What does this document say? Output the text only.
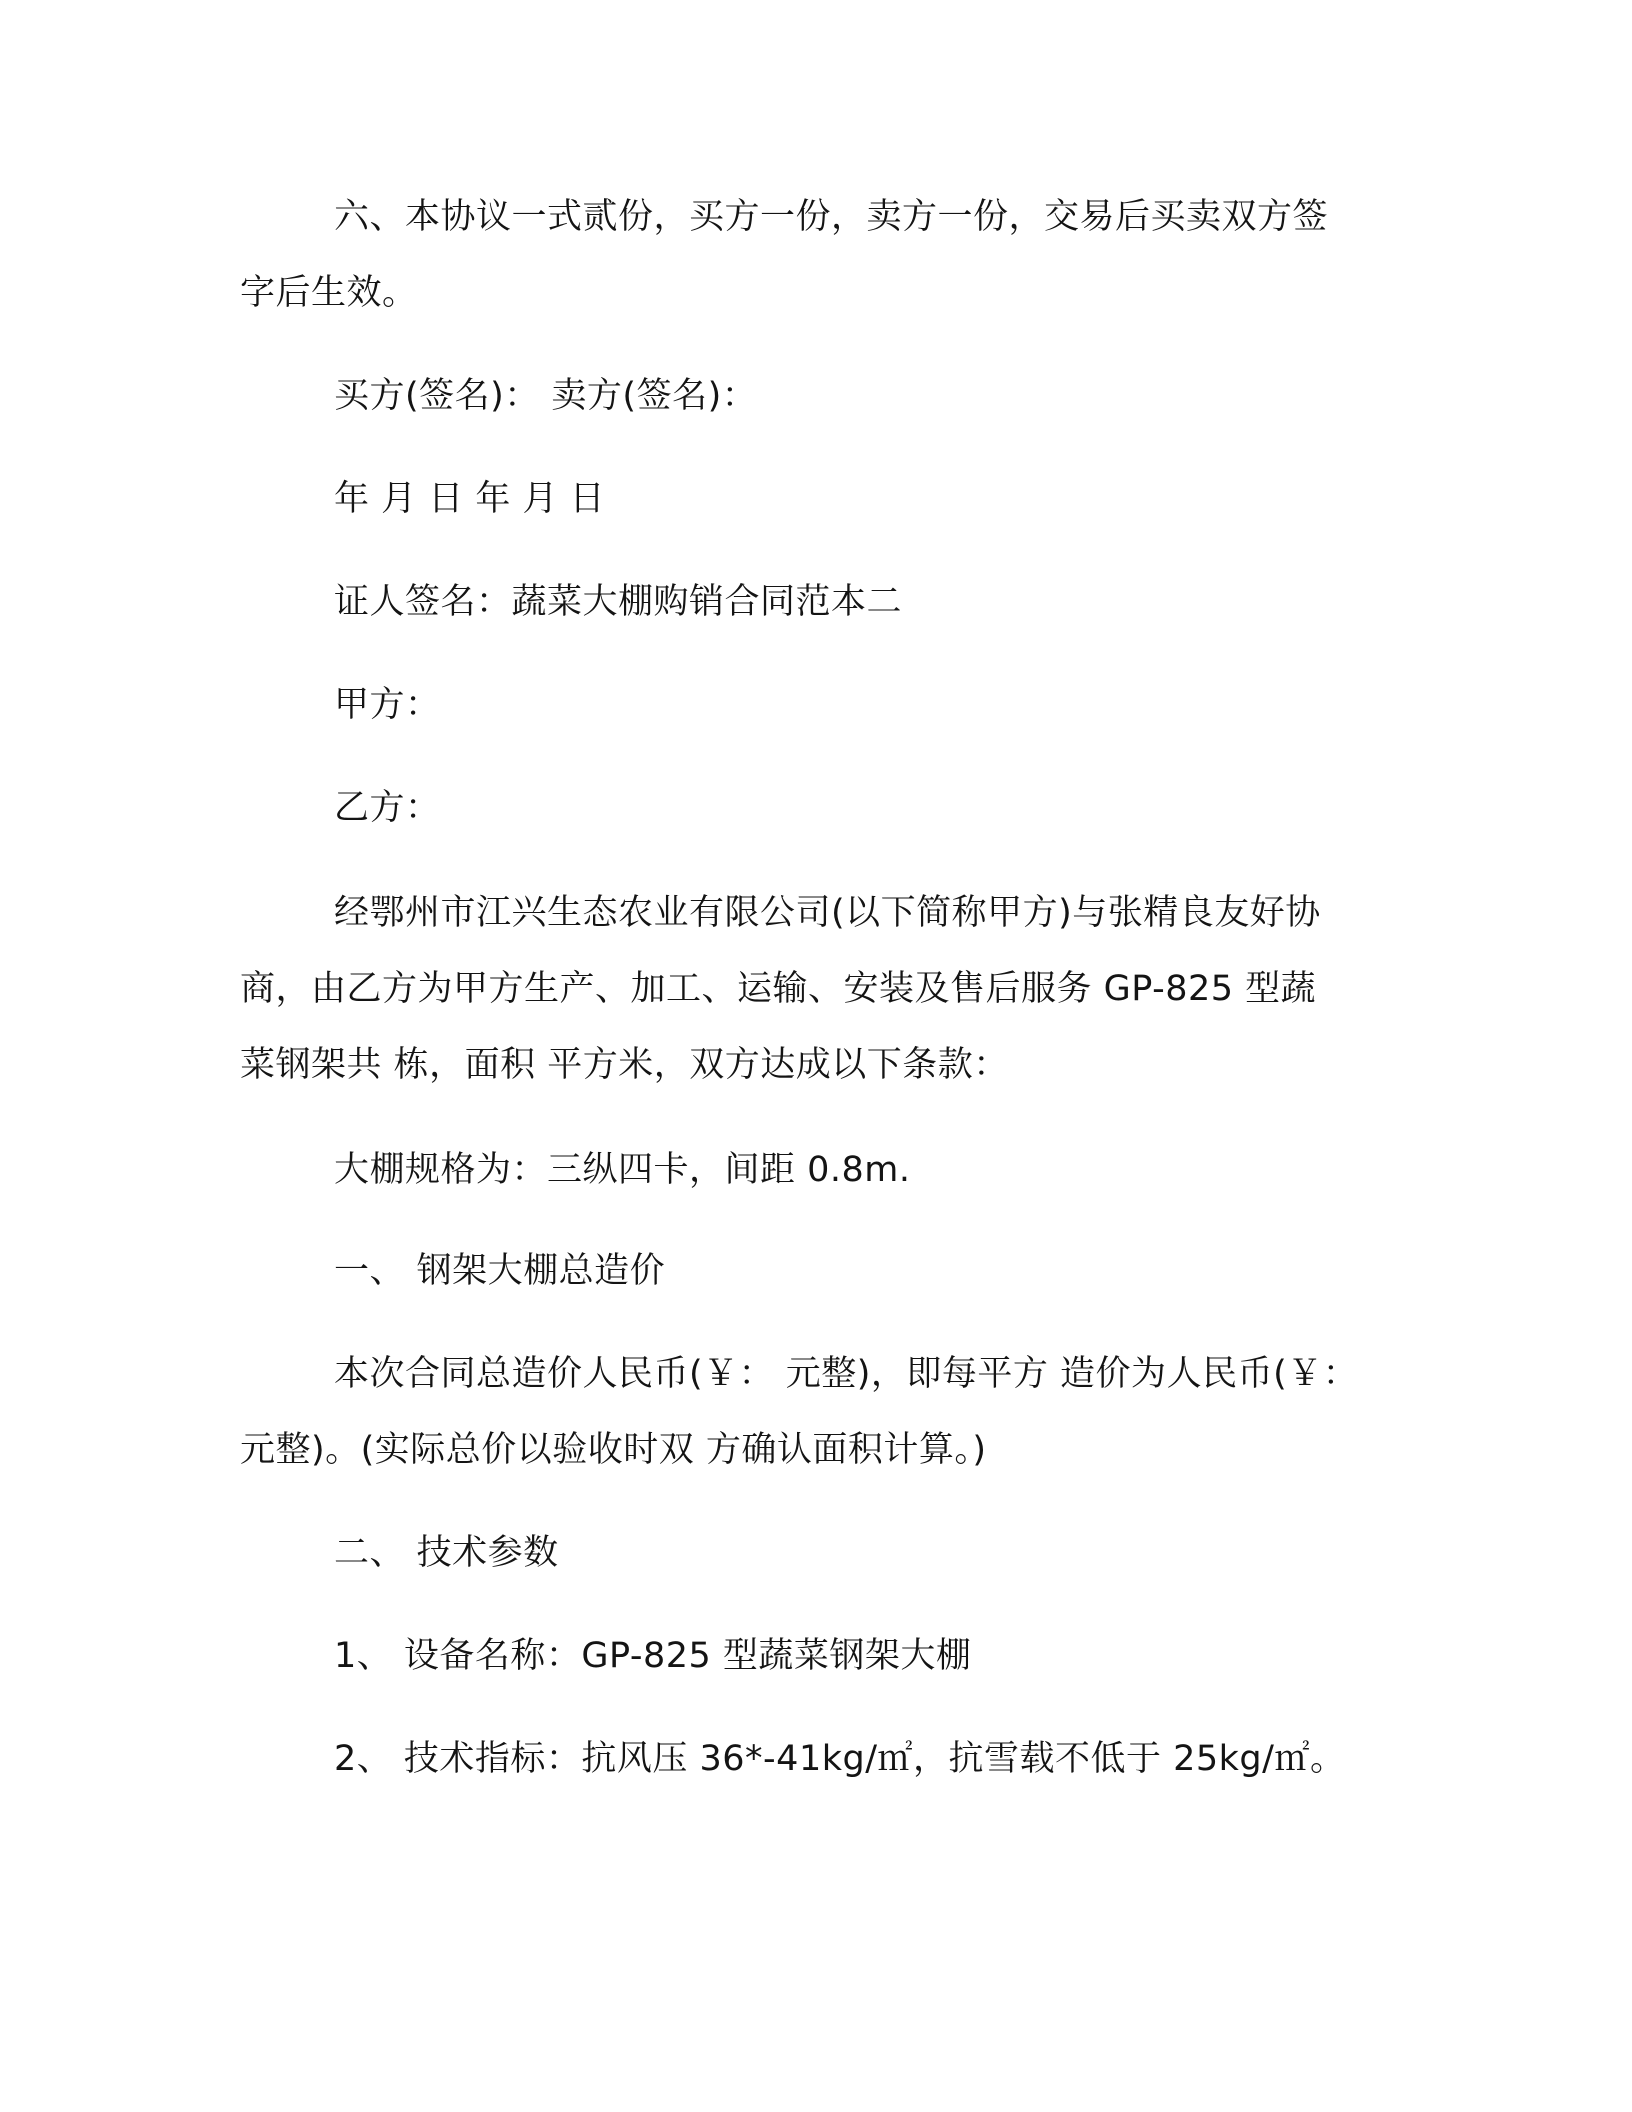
六、本协议一式贰份，买方一份，卖方一份，交易后买卖双方签
字后生效。
买方(签名)： 卖方(签名)：
年 月 日 年 月 日
证人签名：蔬菜大棚购销合同范本二
甲方：
乙方：
经鄂州市江兴生态农业有限公司(以下简称甲方)与张精良友好协
商，由乙方为甲方生产、加工、运输、安装及售后服务 GP-825 型蔬
菜钢架共 栋，面积 平方米，双方达成以下条款：
大棚规格为：三纵四卡，间距 0.8m.
一、 钢架大棚总造价
本次合同总造价人民币(￥： 元整)，即每平方 造价为人民币(￥：
元整)。(实际总价以验收时双 方确认面积计算。)
二、 技术参数
1、 设备名称：GP-825 型蔬菜钢架大棚
2、 技术指标：抗风压 36*-41kg/㎡，抗雪载不低于 25kg/㎡。
